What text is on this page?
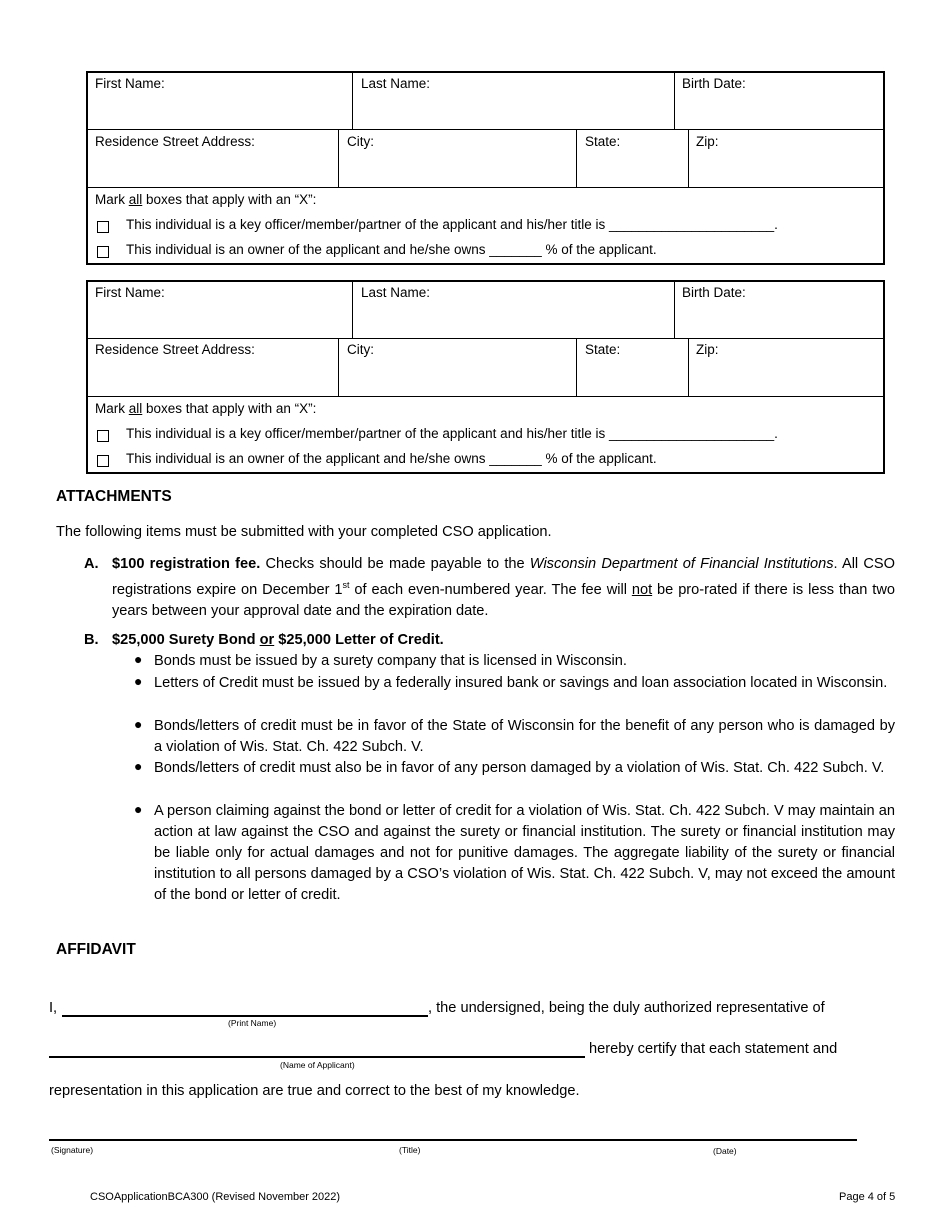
First Name:	Last Name:	Birth Date:
Residence Street Address:	City:	State:	Zip:
Mark all boxes that apply with an “X”:
This individual is a key officer/member/partner of the applicant and his/her title is ______________________.
This individual is an owner of the applicant and he/she owns _______ % of the applicant.
First Name:	Last Name:	Birth Date:
Residence Street Address:	City:	State:	Zip:
Mark all boxes that apply with an “X”:
This individual is a key officer/member/partner of the applicant and his/her title is ______________________.
This individual is an owner of the applicant and he/she owns _______ % of the applicant.
ATTACHMENTS
The following items must be submitted with your completed CSO application.
A. $100 registration fee. Checks should be made payable to the Wisconsin Department of Financial Institutions. All CSO registrations expire on December 1st of each even-numbered year. The fee will not be pro-rated if there is less than two years between your approval date and the expiration date.
B. $25,000 Surety Bond or $25,000 Letter of Credit.
● Bonds must be issued by a surety company that is licensed in Wisconsin.
● Letters of Credit must be issued by a federally insured bank or savings and loan association located in Wisconsin.
● Bonds/letters of credit must be in favor of the State of Wisconsin for the benefit of any person who is damaged by a violation of Wis. Stat. Ch. 422 Subch. V.
● Bonds/letters of credit must also be in favor of any person damaged by a violation of Wis. Stat. Ch. 422 Subch. V.
● A person claiming against the bond or letter of credit for a violation of Wis. Stat. Ch. 422 Subch. V may maintain an action at law against the CSO and against the surety or financial institution. The surety or financial institution may be liable only for actual damages and not for punitive damages. The aggregate liability of the surety or financial institution to all persons damaged by a CSO’s violation of Wis. Stat. Ch. 422 Subch. V, may not exceed the amount of the bond or letter of credit.
AFFIDAVIT
I,	, the undersigned, being the duly authorized representative of
(Print Name)
hereby certify that each statement and
(Name of Applicant)
representation in this application are true and correct to the best of my knowledge.
(Signature)	(Title)	(Date)
CSOApplicationBCA300 (Revised November 2022)	Page 4 of 5
